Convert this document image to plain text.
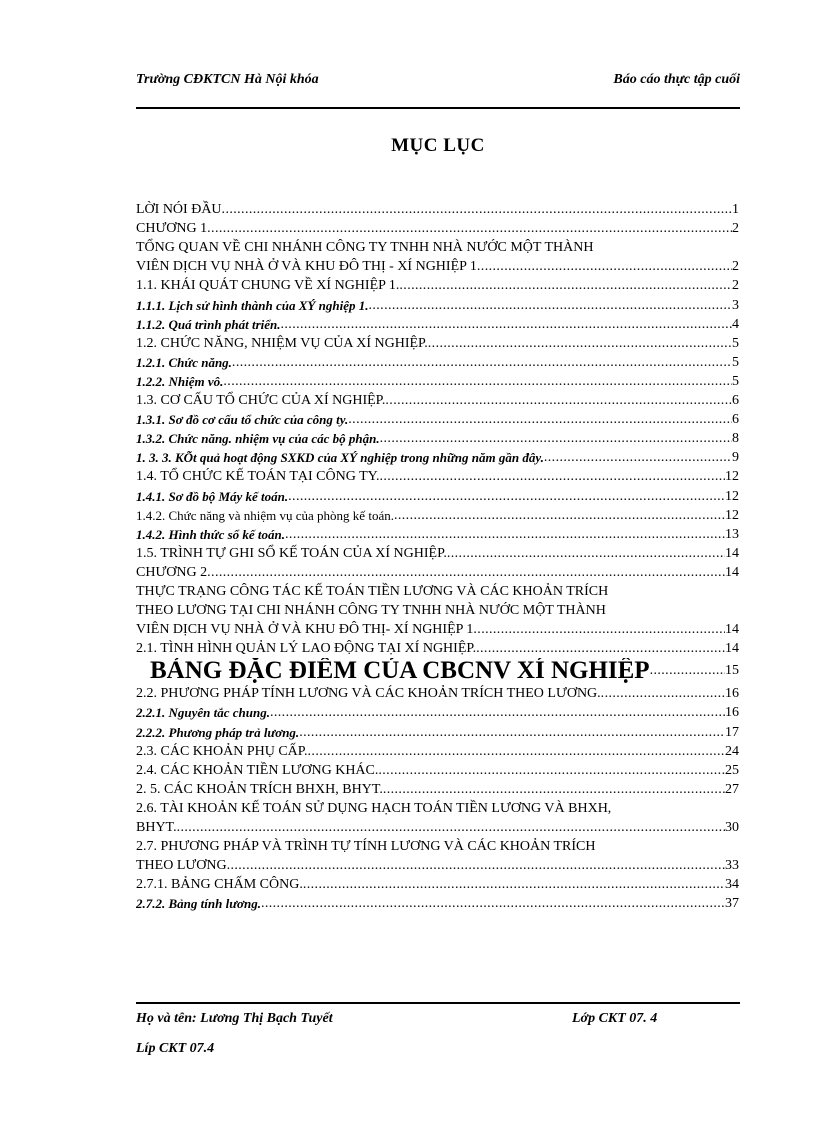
Trường CĐKTCN Hà Nội khóa	Báo cáo thực tập cuối
MỤC LỤC
LỜI NÓI ĐẦU .....	1
CHƯƠNG 1 .....	2
TỔNG QUAN VỀ CHI NHÁNH CÔNG TY TNHH NHÀ NƯỚC MỘT THÀNH
VIÊN DỊCH VỤ NHÀ Ở VÀ KHU ĐÔ THỊ - XÍ NGHIỆP 1 .....	2
1.1. KHÁI QUÁT CHUNG VỀ XÍ NGHIỆP 1. .....	2
1.1.1. Lịch sử hình thành của XÝ nghiệp 1. .....	3
1.1.2. Quá trình phát triển. .....	4
1.2. CHỨC NĂNG, NHIỆM VỤ CỦA XÍ NGHIỆP. .....	5
1.2.1. Chức năng. .....	5
1.2.2. Nhiệm vô. .....	5
1.3. CƠ CẤU TỔ CHỨC CỦA XÍ NGHIỆP. .....	6
1.3.1. Sơ đồ cơ cấu tổ chức của công ty. .....	6
1.3.2. Chức năng. nhiệm vụ của các bộ phận. .....	8
1. 3. 3. KÕt quả hoạt động SXKD của XÝ nghiệp trong những năm gần đây. .....	9
1.4. TỔ CHỨC KẾ TOÁN TẠI CÔNG TY. .....	12
1.4.1. Sơ đồ bộ Máy kế toán. .....	12
1.4.2. Chức năng và nhiệm vụ của phòng kế toán. .....	12
1.4.2. Hình thức sổ kế toán. .....	13
1.5. TRÌNH TỰ GHI SỔ KẾ TOÁN CỦA XÍ NGHIỆP. .....	14
CHƯƠNG 2 .....	14
THỰC TRẠNG CÔNG TÁC KẾ TOÁN TIỀN LƯƠNG VÀ CÁC KHOẢN TRÍCH
THEO LƯƠNG TẠI CHI NHÁNH CÔNG TY TNHH NHÀ NƯỚC MỘT THÀNH
VIÊN DỊCH VỤ NHÀ Ở VÀ KHU ĐÔ THỊ- XÍ NGHIỆP 1 .....	14
2.1. TÌNH HÌNH QUẢN LÝ LAO ĐỘNG TẠI XÍ NGHIỆP. .....	14
BẢNG ĐẶC ĐIỂM CỦA CBCNV XÍ NGHIỆP .....	15
2.2. PHƯƠNG PHÁP TÍNH LƯƠNG VÀ CÁC KHOẢN TRÍCH THEO LƯƠNG. .....	16
2.2.1. Nguyên tắc chung. .....	16
2.2.2. Phương pháp trả lương. .....	17
2.3. CÁC KHOẢN PHỤ CẤP. .....	24
2.4. CÁC KHOẢN TIỀN LƯƠNG KHÁC. .....	25
2. 5. CÁC KHOẢN TRÍCH BHXH, BHYT. .....	27
2.6. TÀI KHOẢN KẾ TOÁN SỬ DỤNG HẠCH TOÁN TIỀN LƯƠNG VÀ BHXH,
BHYT. .....	30
2.7. PHƯƠNG PHÁP VÀ TRÌNH TỰ TÍNH LƯƠNG VÀ CÁC KHOẢN TRÍCH
THEO LƯƠNG .....	33
2.7.1. BẢNG CHẤM CÔNG. .....	34
2.7.2. Bảng tính lương. .....	37
Họ và tên: Lương Thị Bạch Tuyết	Lớp CKT 07. 4
Líp CKT 07.4
